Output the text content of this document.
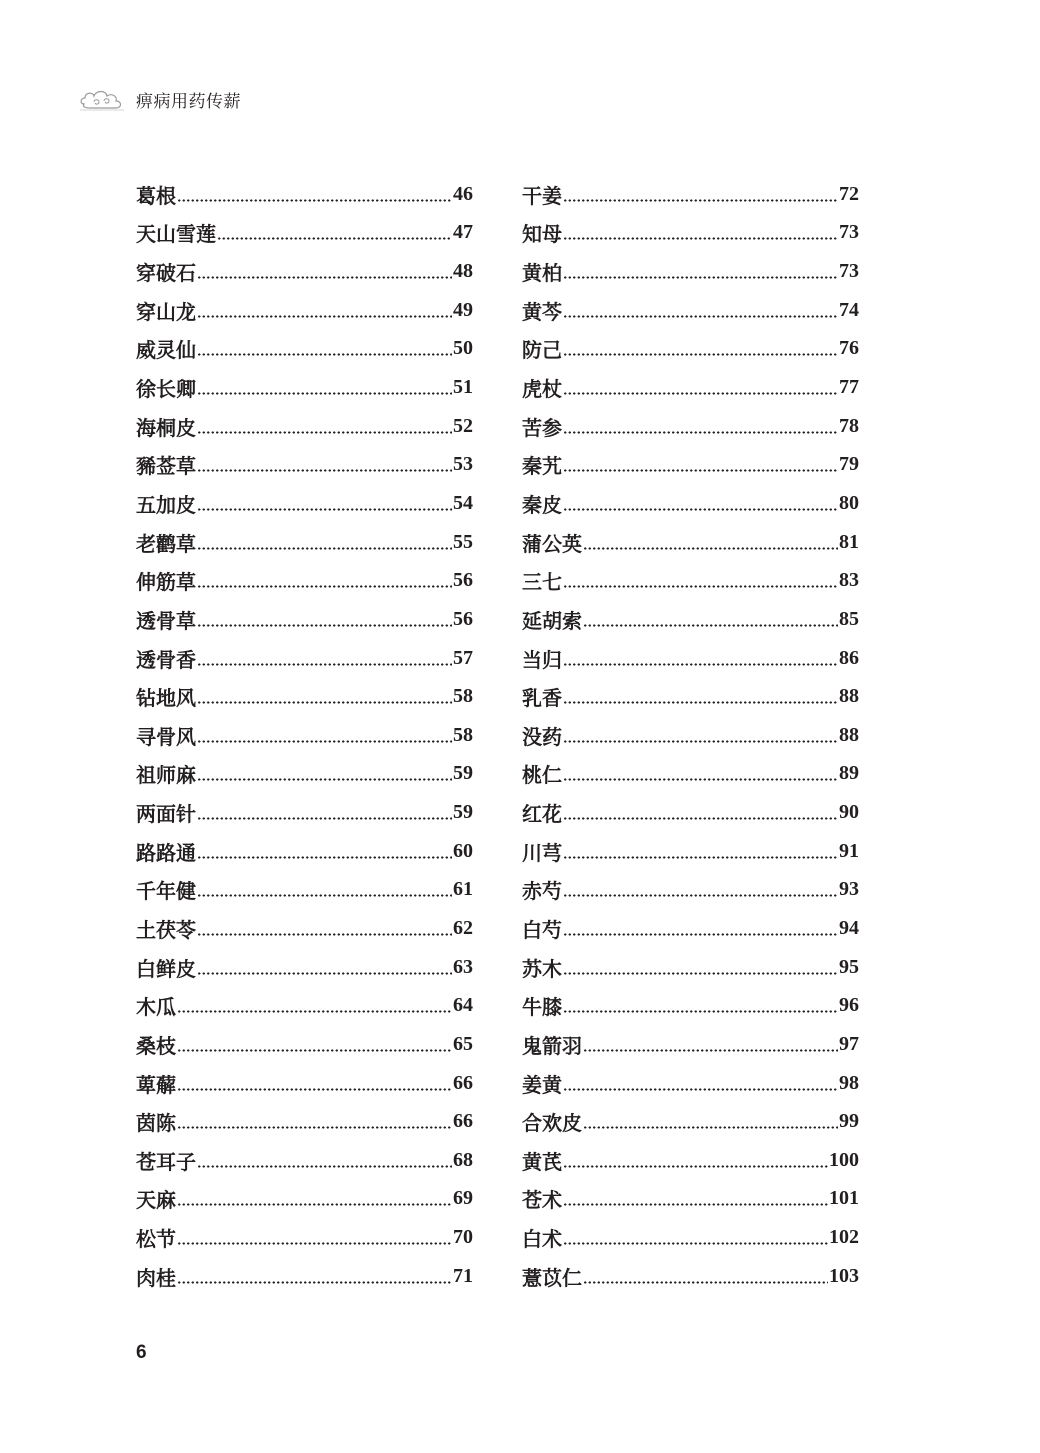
痹病用药传薪
葛根	46
天山雪莲	47
穿破石	48
穿山龙	49
威灵仙	50
徐长卿	51
海桐皮	52
豨莶草	53
五加皮	54
老鹳草	55
伸筋草	56
透骨草	56
透骨香	57
钻地风	58
寻骨风	58
祖师麻	59
两面针	59
路路通	60
千年健	61
土茯苓	62
白鲜皮	63
木瓜	64
桑枝	65
萆薢	66
茵陈	66
苍耳子	68
天麻	69
松节	70
肉桂	71
干姜	72
知母	73
黄柏	73
黄芩	74
防己	76
虎杖	77
苦参	78
秦艽	79
秦皮	80
蒲公英	81
三七	83
延胡索	85
当归	86
乳香	88
没药	88
桃仁	89
红花	90
川芎	91
赤芍	93
白芍	94
苏木	95
牛膝	96
鬼箭羽	97
姜黄	98
合欢皮	99
黄芪	100
苍术	101
白术	102
薏苡仁	103
6
